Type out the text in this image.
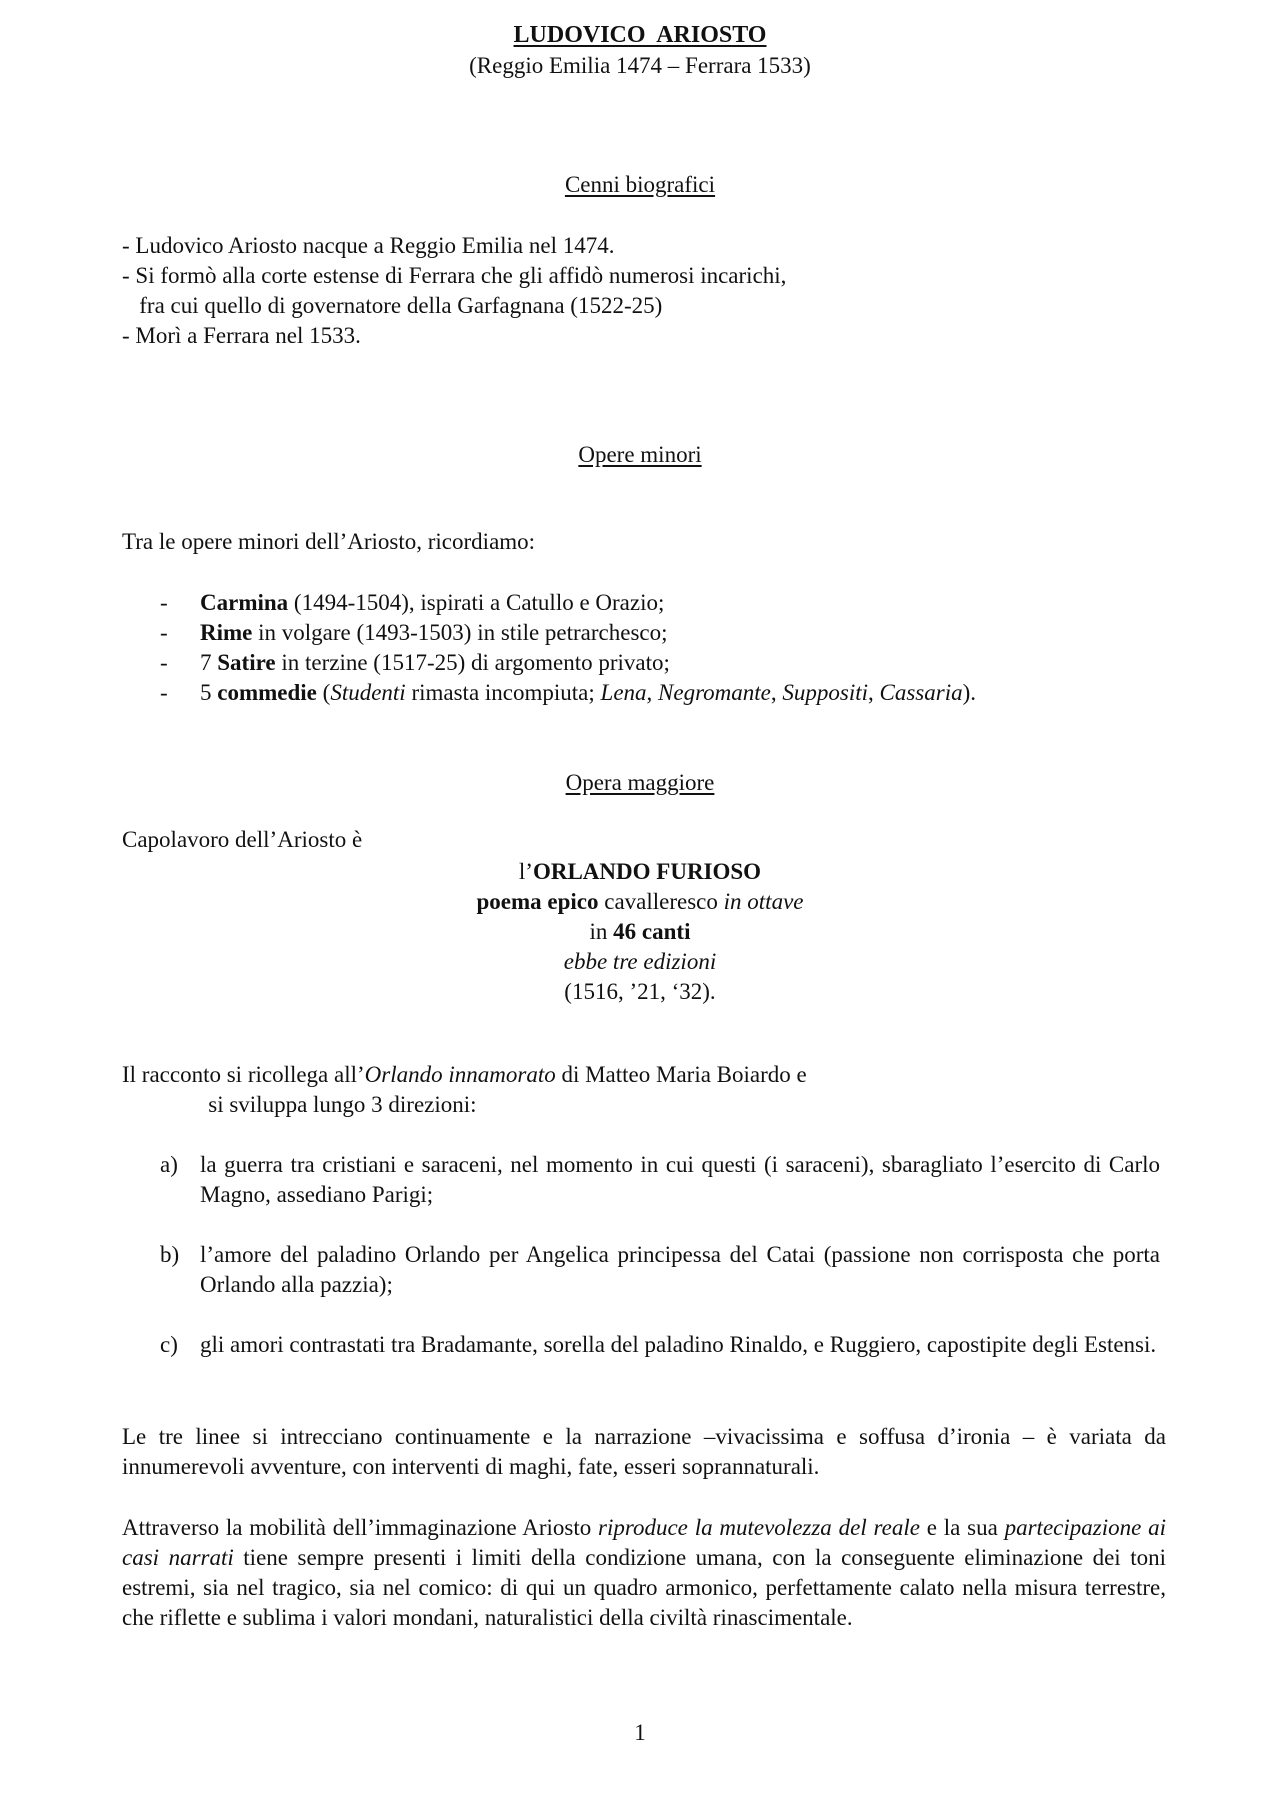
LUDOVICO  ARIOSTO
(Reggio Emilia 1474 – Ferrara 1533)
Cenni biografici
- Ludovico Ariosto nacque a Reggio Emilia nel 1474.
- Si formò alla corte estense di Ferrara che gli affidò numerosi incarichi,
fra cui quello di governatore della Garfagnana (1522-25)
- Morì a Ferrara nel 1533.
Opere minori
Tra le opere minori dell’Ariosto, ricordiamo:
- Carmina (1494-1504), ispirati a Catullo e Orazio;
- Rime in volgare (1493-1503) in stile petrarchesco;
- 7 Satire in terzine (1517-25) di argomento privato;
- 5 commedie (Studenti rimasta incompiuta; Lena, Negromante, Suppositi, Cassaria).
Opera maggiore
Capolavoro dell’Ariosto è
l’ORLANDO FURIOSO
poema epico cavalleresco in ottave
in 46 canti
ebbe tre edizioni
(1516, ’21, ‘32).
Il racconto si ricollega all’Orlando innamorato di Matteo Maria Boiardo e
si sviluppa lungo 3 direzioni:
a) la guerra tra cristiani e saraceni, nel momento in cui questi (i saraceni), sbaragliato l’esercito di Carlo Magno, assediano Parigi;
b) l’amore del paladino Orlando per Angelica principessa del Catai (passione non corrisposta che porta Orlando alla pazzia);
c) gli amori contrastati tra Bradamante, sorella del paladino Rinaldo, e Ruggiero, capostipite degli Estensi.
Le tre linee si intrecciano continuamente e la narrazione –vivacissima e soffusa d’ironia – è variata da innumerevoli avventure, con interventi di maghi, fate, esseri soprannaturali.
Attraverso la mobilità dell’immaginazione Ariosto riproduce la mutevolezza del reale e la sua partecipazione ai casi narrati tiene sempre presenti i limiti della condizione umana, con la conseguente eliminazione dei toni estremi, sia nel tragico, sia nel comico: di qui un quadro armonico, perfettamente calato nella misura terrestre, che riflette e sublima i valori mondani, naturalistici della civiltà rinascimentale.
1
